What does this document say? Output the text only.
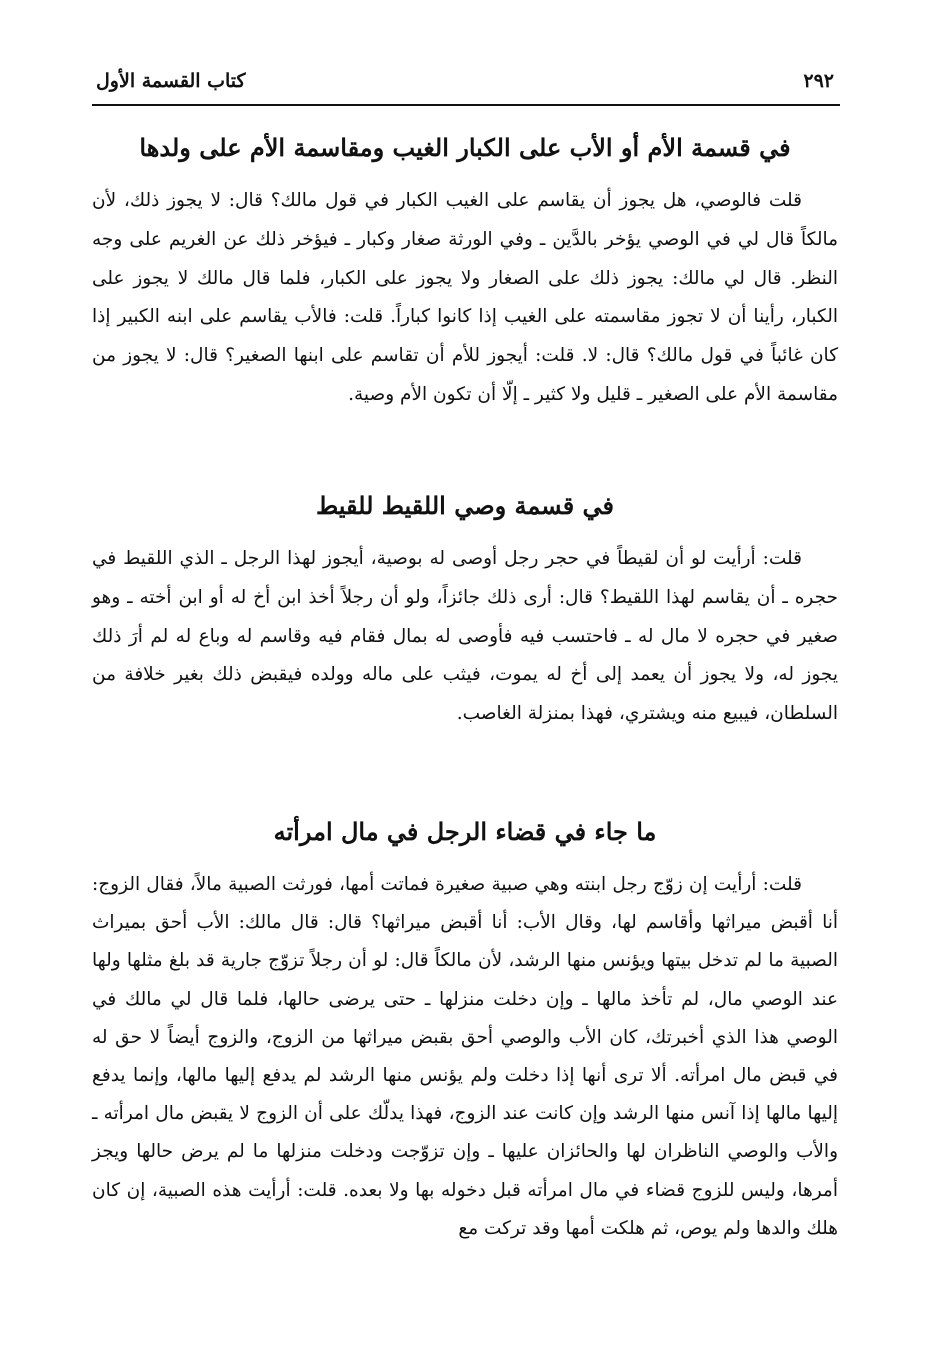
٢٩٢
كتاب القسمة الأول
في قسمة الأم أو الأب على الكبار الغيب ومقاسمة الأم على ولدها

قلت فالوصي، هل يجوز أن يقاسم على الغيب الكبار في قول مالك؟ قال: لا يجوز ذلك، لأن مالكاً قال لي في الوصي يؤخر بالدَّين ـ وفي الورثة صغار وكبار ـ فيؤخر ذلك عن الغريم على وجه النظر. قال لي مالك: يجوز ذلك على الصغار ولا يجوز على الكبار، فلما قال مالك لا يجوز على الكبار، رأينا أن لا تجوز مقاسمته على الغيب إذا كانوا كباراً. قلت: فالأب يقاسم على ابنه الكبير إذا كان غائباً في قول مالك؟ قال: لا. قلت: أيجوز للأم أن تقاسم على ابنها الصغير؟ قال: لا يجوز من مقاسمة الأم على الصغير ـ قليل ولا كثير ـ إلّا أن تكون الأم وصية.

في قسمة وصي اللقيط للقيط

قلت: أرأيت لو أن لقيطاً في حجر رجل أوصى له بوصية، أيجوز لهذا الرجل ـ الذي اللقيط في حجره ـ أن يقاسم لهذا اللقيط؟ قال: أرى ذلك جائزاً، ولو أن رجلاً أخذ ابن أخ له أو ابن أخته ـ وهو صغير في حجره لا مال له ـ فاحتسب فيه فأوصى له بمال فقام فيه وقاسم له وباع له لم أرَ ذلك يجوز له، ولا يجوز أن يعمد إلى أخ له يموت، فيثب على ماله وولده فيقبض ذلك بغير خلافة من السلطان، فيبيع منه ويشتري، فهذا بمنزلة الغاصب.

ما جاء في قضاء الرجل في مال امرأته

قلت: أرأيت إن زوّج رجل ابنته وهي صبية صغيرة فماتت أمها، فورثت الصبية مالاً، فقال الزوج: أنا أقبض ميراثها وأقاسم لها، وقال الأب: أنا أقبض ميراثها؟ قال: قال مالك: الأب أحق بميراث الصبية ما لم تدخل بيتها ويؤنس منها الرشد، لأن مالكاً قال: لو أن رجلاً تزوّج جارية قد بلغ مثلها ولها عند الوصي مال، لم تأخذ مالها ـ وإن دخلت منزلها ـ حتى يرضى حالها، فلما قال لي مالك في الوصي هذا الذي أخبرتك، كان الأب والوصي أحق بقبض ميراثها من الزوج، والزوج أيضاً لا حق له في قبض مال امرأته. ألا ترى أنها إذا دخلت ولم يؤنس منها الرشد لم يدفع إليها مالها، وإنما يدفع إليها مالها إذا آنس منها الرشد وإن كانت عند الزوج، فهذا يدلّك على أن الزوج لا يقبض مال امرأته ـ والأب والوصي الناظران لها والحائزان عليها ـ وإن تزوّجت ودخلت منزلها ما لم يرض حالها ويجز أمرها، وليس للزوج قضاء في مال امرأته قبل دخوله بها ولا بعده. قلت: أرأيت هذه الصبية، إن كان هلك والدها ولم يوص، ثم هلكت أمها وقد تركت مع
